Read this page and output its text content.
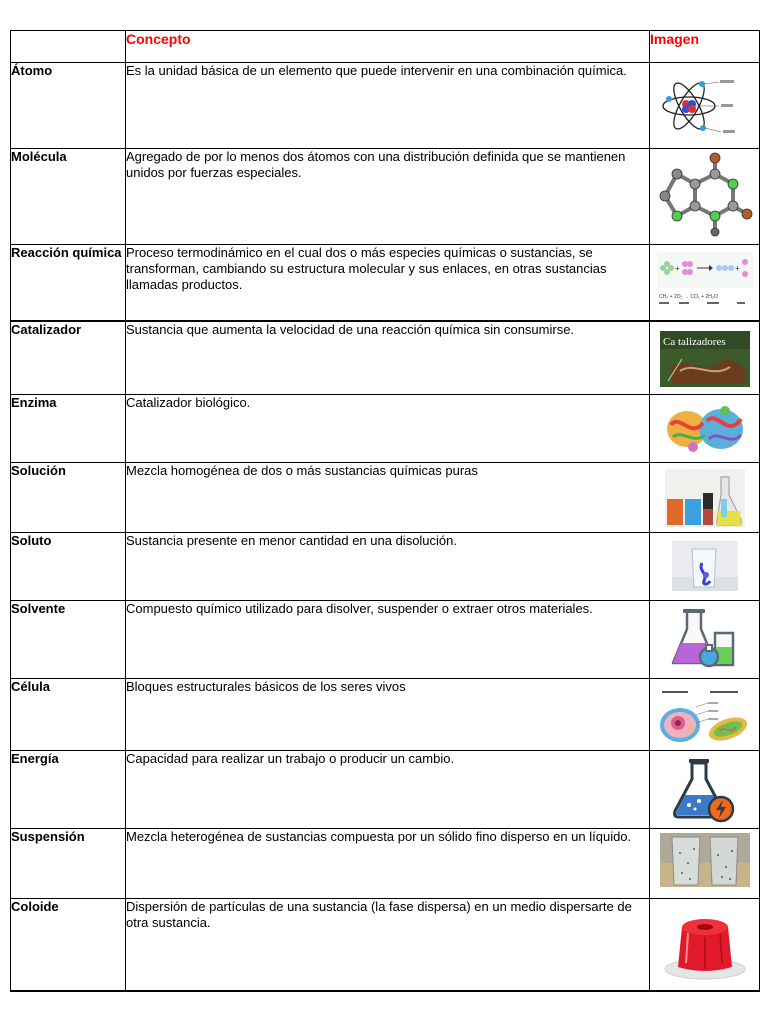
	Concepto	Imagen
Átomo	Es la unidad básica de un elemento que puede intervenir en una combinación química.	

Molécula	Agregado de por lo menos dos átomos con una distribución definida que se mantienen unidos por fuerzas especiales.	

Reacción química	Proceso termodinámico en el cual dos o más especies químicas o sustancias, se transforman, cambiando su estructura molecular y sus enlaces, en otras sustancias llamadas productos.	+ +
CH₄ + 2O₂ → CO₂ + 2H₂O

Catalizador	Sustancia que aumenta la velocidad de una reacción química sin consumirse.	Ca talizadores

Enzima	Catalizador biológico.	

Solución	Mezcla homogénea de dos o más sustancias químicas puras	

Soluto	Sustancia presente en menor cantidad en una disolución.	

Solvente	Compuesto químico utilizado para disolver, suspender o extraer otros materiales.	

Célula	Bloques estructurales básicos de los seres vivos	

Energía	Capacidad para realizar un trabajo o producir un cambio.	

Suspensión	Mezcla heterogénea de sustancias compuesta por un sólido fino disperso en un líquido.	

Coloide	Dispersión de partículas de una sustancia (la fase dispersa) en un medio dispersarte de otra sustancia.	
